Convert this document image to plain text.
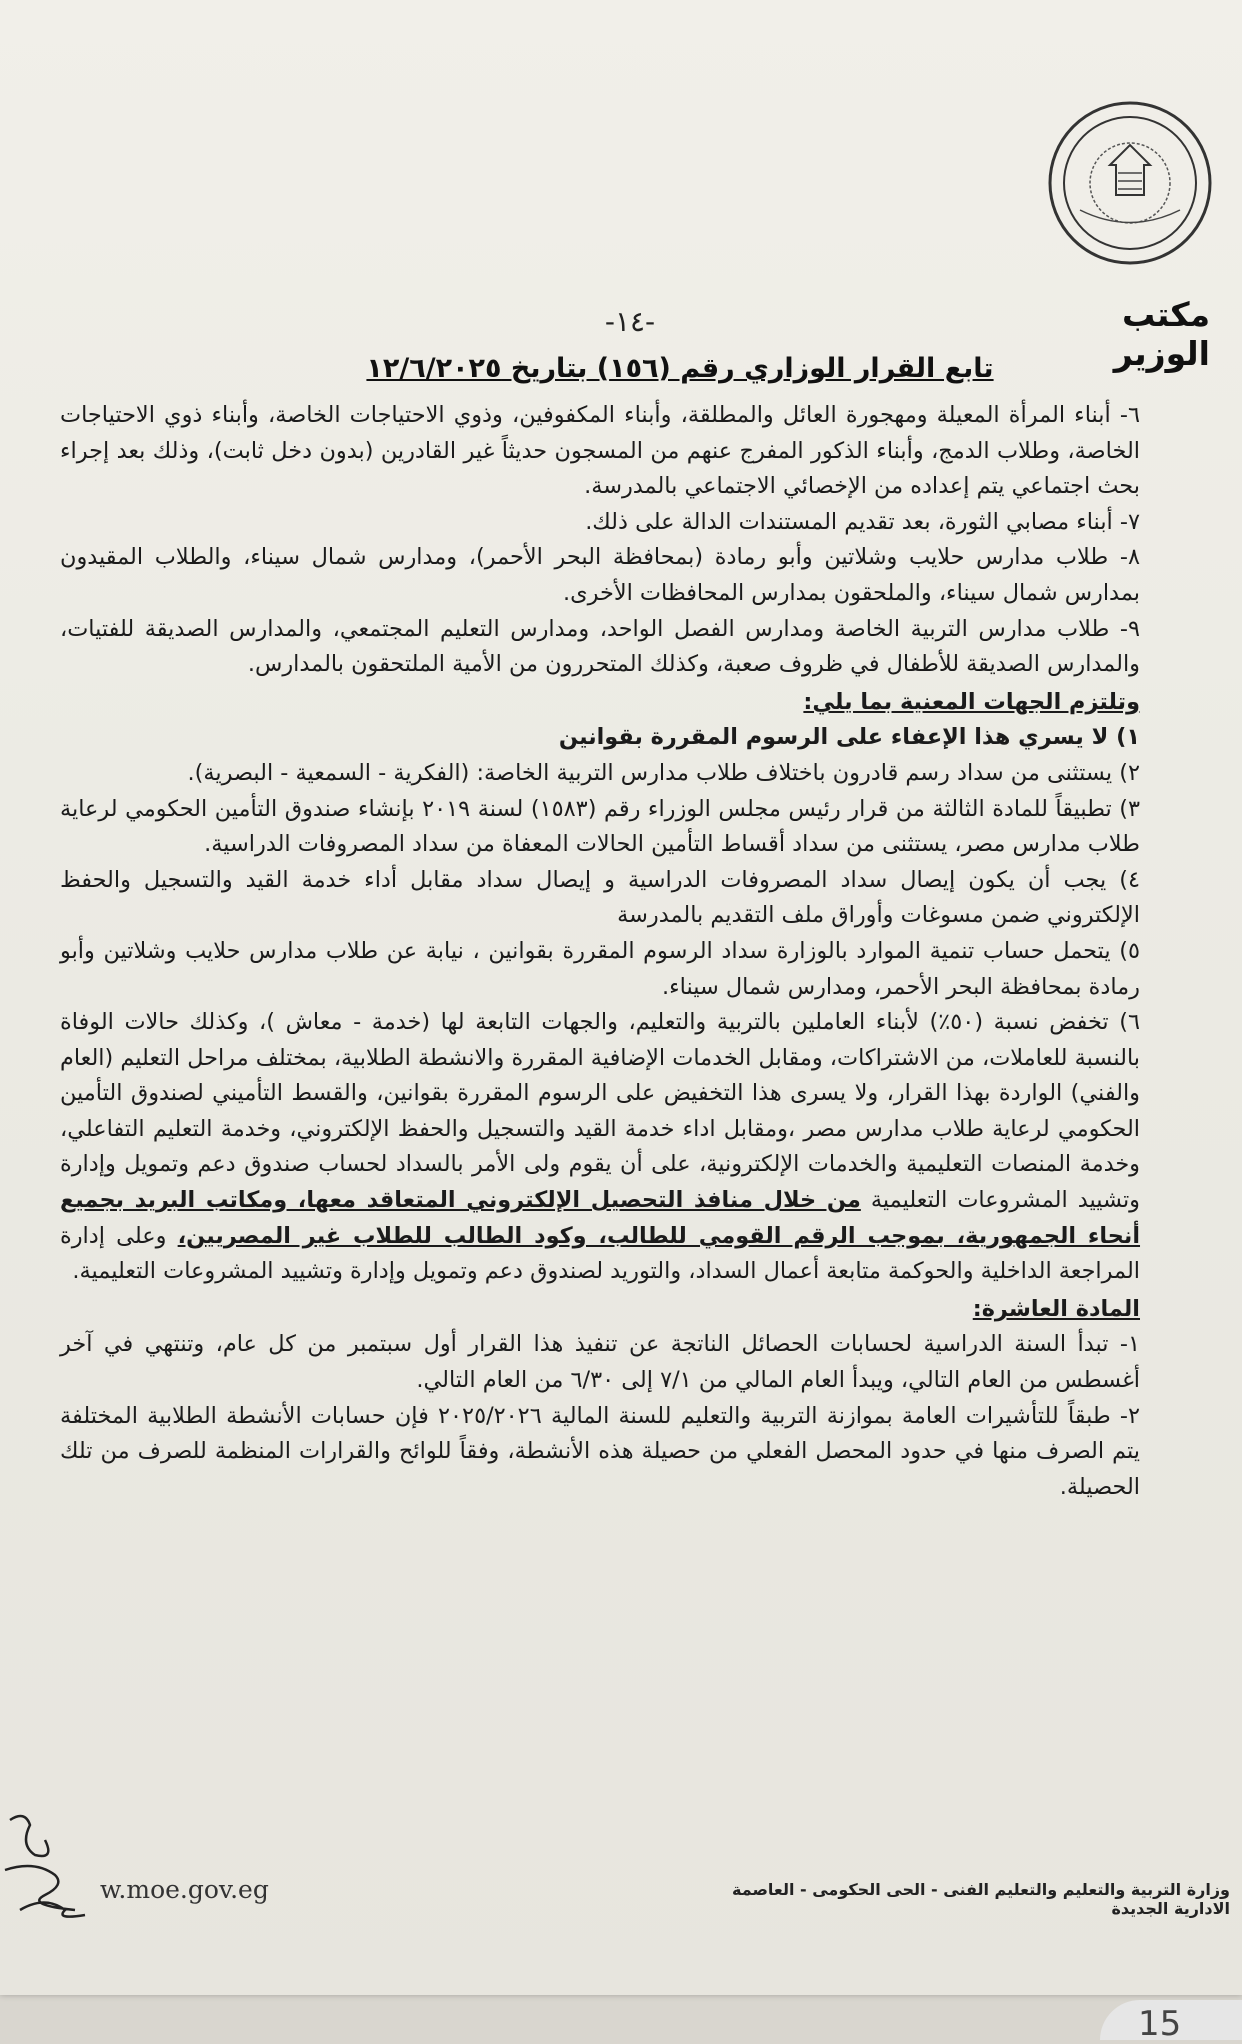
مكتب الوزير
-١٤-
تابع القرار الوزاري رقم (١٥٦) بتاريخ ١٢/٦/٢٠٢٥

٦- أبناء المرأة المعيلة ومهجورة العائل والمطلقة، وأبناء المكفوفين، وذوي الاحتياجات الخاصة، وأبناء ذوي الاحتياجات الخاصة، وطلاب الدمج، وأبناء الذكور المفرج عنهم من المسجون حديثاً غير القادرين (بدون دخل ثابت)، وذلك بعد إجراء بحث اجتماعي يتم إعداده من الإخصائي الاجتماعي بالمدرسة.

٧- أبناء مصابي الثورة، بعد تقديم المستندات الدالة على ذلك.

٨- طلاب مدارس حلايب وشلاتين وأبو رمادة (بمحافظة البحر الأحمر)، ومدارس شمال سيناء، والطلاب المقيدون بمدارس شمال سيناء، والملحقون بمدارس المحافظات الأخرى.

٩- طلاب مدارس التربية الخاصة ومدارس الفصل الواحد، ومدارس التعليم المجتمعي، والمدارس الصديقة للفتيات، والمدارس الصديقة للأطفال في ظروف صعبة، وكذلك المتحررون من الأمية الملتحقون بالمدارس.

وتلتزم الجهات المعنية بما يلي:

١) لا يسري هذا الإعفاء على الرسوم المقررة بقوانين

٢) يستثنى من سداد رسم قادرون باختلاف طلاب مدارس التربية الخاصة: (الفكرية - السمعية - البصرية).

٣) تطبيقاً للمادة الثالثة من قرار رئيس مجلس الوزراء رقم (١٥٨٣) لسنة ٢٠١٩ بإنشاء صندوق التأمين الحكومي لرعاية طلاب مدارس مصر، يستثنى من سداد أقساط التأمين الحالات المعفاة من سداد المصروفات الدراسية.

٤) يجب أن يكون إيصال سداد المصروفات الدراسية و إيصال سداد مقابل أداء خدمة القيد والتسجيل والحفظ الإلكتروني ضمن مسوغات وأوراق ملف التقديم بالمدرسة

٥) يتحمل حساب تنمية الموارد بالوزارة سداد الرسوم المقررة بقوانين ، نيابة عن طلاب مدارس حلايب وشلاتين وأبو رمادة بمحافظة البحر الأحمر، ومدارس شمال سيناء.

٦) تخفض نسبة (٥٠٪) لأبناء العاملين بالتربية والتعليم، والجهات التابعة لها (خدمة - معاش )، وكذلك حالات الوفاة بالنسبة للعاملات، من الاشتراكات، ومقابل الخدمات الإضافية المقررة والانشطة الطلابية، بمختلف مراحل التعليم (العام والفني) الواردة بهذا القرار، ولا يسرى هذا التخفيض على الرسوم المقررة بقوانين، والقسط التأميني لصندوق التأمين الحكومي لرعاية طلاب مدارس مصر ،ومقابل اداء خدمة القيد والتسجيل والحفظ الإلكتروني، وخدمة التعليم التفاعلي، وخدمة المنصات التعليمية والخدمات الإلكترونية، على أن يقوم ولى الأمر بالسداد لحساب صندوق دعم وتمويل وإدارة وتشييد المشروعات التعليمية من خلال منافذ التحصيل الإلكتروني المتعاقد معها، ومكاتب البريد بجميع أنحاء الجمهورية، بموجب الرقم القومي للطالب، وكود الطالب للطلاب غير المصريين، وعلى إدارة المراجعة الداخلية والحوكمة متابعة أعمال السداد، والتوريد لصندوق دعم وتمويل وإدارة وتشييد المشروعات التعليمية.

المادة العاشرة:

١- تبدأ السنة الدراسية لحسابات الحصائل الناتجة عن تنفيذ هذا القرار أول سبتمبر من كل عام، وتنتهي في آخر أغسطس من العام التالي، ويبدأ العام المالي من ٧/١ إلى ٦/٣٠ من العام التالي.

٢- طبقاً للتأشيرات العامة بموازنة التربية والتعليم للسنة المالية ٢٠٢٥/٢٠٢٦ فإن حسابات الأنشطة الطلابية المختلفة يتم الصرف منها في حدود المحصل الفعلي من حصيلة هذه الأنشطة، وفقاً للوائح والقرارات المنظمة للصرف من تلك الحصيلة.

w.moe.gov.eg	وزارة التربية والتعليم والتعليم الفنى - الحى الحكومى - العاصمة الادارية الجديدة
15
